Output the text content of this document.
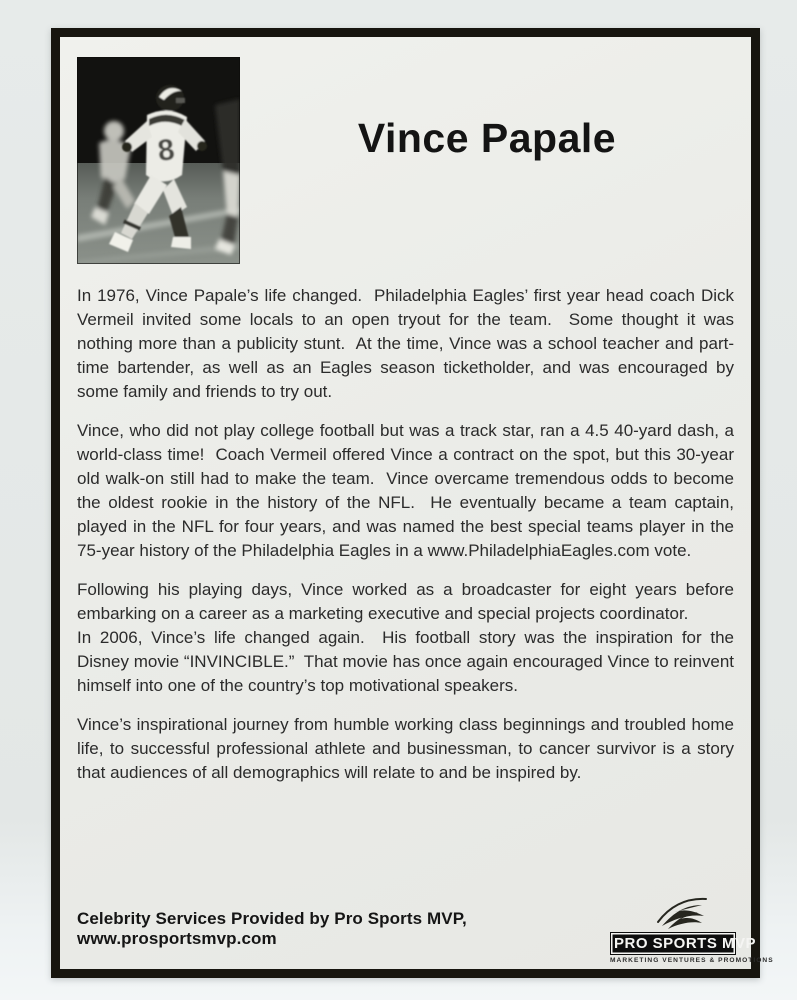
8	Vince Papale

In 1976, Vince Papale’s life changed.  Philadelphia Eagles’ first year head coach Dick Vermeil invited some locals to an open tryout for the team.  Some thought it was nothing more than a publicity stunt.  At the time, Vince was a school teacher and part-time bartender, as well as an Eagles season ticketholder, and was encouraged by some family and friends to try out.

Vince, who did not play college football but was a track star, ran a 4.5 40-yard dash, a world-class time!  Coach Vermeil offered Vince a contract on the spot, but this 30-year old walk-on still had to make the team.  Vince overcame tremendous odds to become the oldest rookie in the history of the NFL.  He eventually became a team captain, played in the NFL for four years, and was named the best special teams player in the 75-year history of the Philadelphia Eagles in a www.PhiladelphiaEagles.com vote.

Following his playing days, Vince worked as a broadcaster for eight years before embarking on a career as a marketing executive and special projects coordinator.

In 2006, Vince’s life changed again.  His football story was the inspiration for the Disney movie “INVINCIBLE.”  That movie has once again encouraged Vince to reinvent himself into one of the country’s top motivational speakers.

Vince’s inspirational journey from humble working class beginnings and troubled home life, to successful professional athlete and businessman, to cancer survivor is a story that audiences of all demographics will relate to and be inspired by.

Celebrity Services Provided by Pro Sports MVP, www.prosportsmvp.com	PRO SPORTS MVP
MARKETING VENTURES & PROMOTIONS
